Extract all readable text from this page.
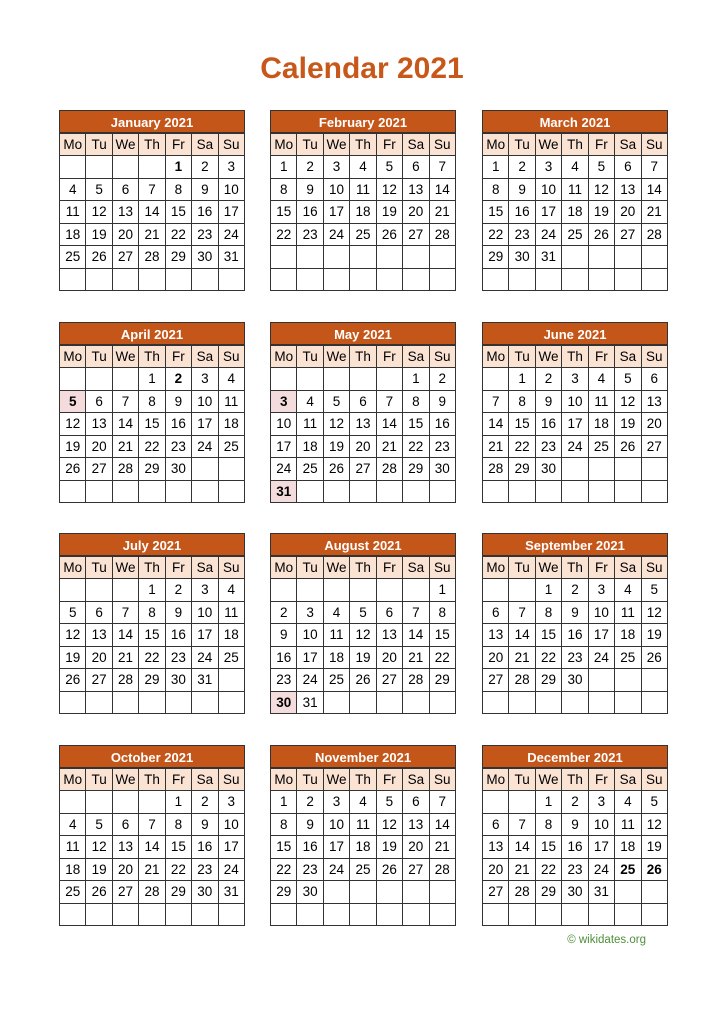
Calendar 2021
January 2021
Mo	Tu	We	Th	Fr	Sa	Su
				1	2	3
4	5	6	7	8	9	10
11	12	13	14	15	16	17
18	19	20	21	22	23	24
25	26	27	28	29	30	31

February 2021
Mo	Tu	We	Th	Fr	Sa	Su
1	2	3	4	5	6	7
8	9	10	11	12	13	14
15	16	17	18	19	20	21
22	23	24	25	26	27	28

March 2021
Mo	Tu	We	Th	Fr	Sa	Su
1	2	3	4	5	6	7
8	9	10	11	12	13	14
15	16	17	18	19	20	21
22	23	24	25	26	27	28
29	30	31				

April 2021
Mo	Tu	We	Th	Fr	Sa	Su
			1	2	3	4
5	6	7	8	9	10	11
12	13	14	15	16	17	18
19	20	21	22	23	24	25
26	27	28	29	30		

May 2021
Mo	Tu	We	Th	Fr	Sa	Su
					1	2
3	4	5	6	7	8	9
10	11	12	13	14	15	16
17	18	19	20	21	22	23
24	25	26	27	28	29	30
31						
June 2021
Mo	Tu	We	Th	Fr	Sa	Su
	1	2	3	4	5	6
7	8	9	10	11	12	13
14	15	16	17	18	19	20
21	22	23	24	25	26	27
28	29	30				

July 2021
Mo	Tu	We	Th	Fr	Sa	Su
			1	2	3	4
5	6	7	8	9	10	11
12	13	14	15	16	17	18
19	20	21	22	23	24	25
26	27	28	29	30	31	

August 2021
Mo	Tu	We	Th	Fr	Sa	Su
						1
2	3	4	5	6	7	8
9	10	11	12	13	14	15
16	17	18	19	20	21	22
23	24	25	26	27	28	29
30	31					
September 2021
Mo	Tu	We	Th	Fr	Sa	Su
		1	2	3	4	5
6	7	8	9	10	11	12
13	14	15	16	17	18	19
20	21	22	23	24	25	26
27	28	29	30			

October 2021
Mo	Tu	We	Th	Fr	Sa	Su
				1	2	3
4	5	6	7	8	9	10
11	12	13	14	15	16	17
18	19	20	21	22	23	24
25	26	27	28	29	30	31

November 2021
Mo	Tu	We	Th	Fr	Sa	Su
1	2	3	4	5	6	7
8	9	10	11	12	13	14
15	16	17	18	19	20	21
22	23	24	25	26	27	28
29	30					

December 2021
Mo	Tu	We	Th	Fr	Sa	Su
		1	2	3	4	5
6	7	8	9	10	11	12
13	14	15	16	17	18	19
20	21	22	23	24	25	26
27	28	29	30	31		

© wikidates.org
